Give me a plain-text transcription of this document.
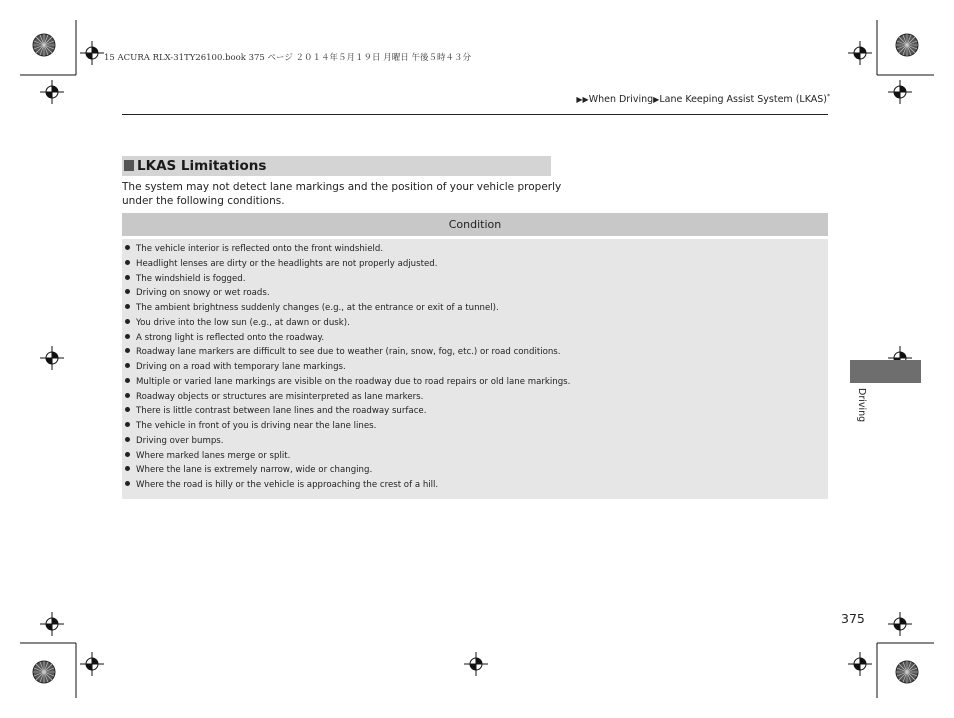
15 ACURA RLX-31TY26100.book 375 ページ ２０１４年５月１９日 月曜日 午後５時４３分
▶▶When Driving▶Lane Keeping Assist System (LKAS)*
LKAS Limitations
The system may not detect lane markings and the position of your vehicle properly under the following conditions.
Condition
The vehicle interior is reflected onto the front windshield.
Headlight lenses are dirty or the headlights are not properly adjusted.
The windshield is fogged.
Driving on snowy or wet roads.
The ambient brightness suddenly changes (e.g., at the entrance or exit of a tunnel).
You drive into the low sun (e.g., at dawn or dusk).
A strong light is reflected onto the roadway.
Roadway lane markers are difficult to see due to weather (rain, snow, fog, etc.) or road conditions.
Driving on a road with temporary lane markings.
Multiple or varied lane markings are visible on the roadway due to road repairs or old lane markings.
Roadway objects or structures are misinterpreted as lane markers.
There is little contrast between lane lines and the roadway surface.
The vehicle in front of you is driving near the lane lines.
Driving over bumps.
Where marked lanes merge or split.
Where the lane is extremely narrow, wide or changing.
Where the road is hilly or the vehicle is approaching the crest of a hill.
Driving
375
